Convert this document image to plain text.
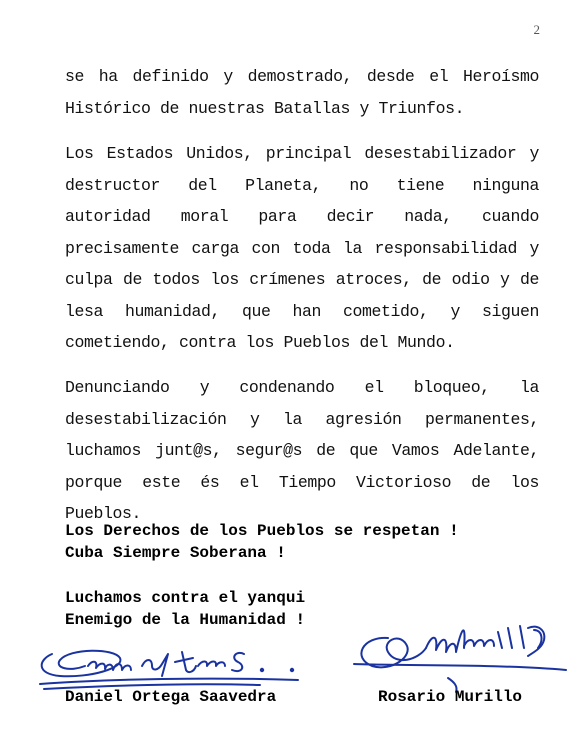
2

se ha definido y demostrado, desde el Heroísmo Histórico de nuestras Batallas y Triunfos.

Los Estados Unidos, principal desestabilizador y destructor del Planeta, no tiene ninguna autoridad moral para decir nada, cuando precisamente carga con toda la responsabilidad y culpa de todos los crímenes atroces, de odio y de lesa humanidad, que han cometido, y siguen cometiendo, contra los Pueblos del Mundo.

Denunciando y condenando el bloqueo, la desestabilización y la agresión permanentes, luchamos junt@s, segur@s de que Vamos Adelante, porque este és el Tiempo Victorioso de los Pueblos.

Los Derechos de los Pueblos se respetan !

Cuba Siempre Soberana !

Luchamos contra el yanqui

Enemigo de la Humanidad !

Daniel Ortega Saavedra	Rosario Murillo
